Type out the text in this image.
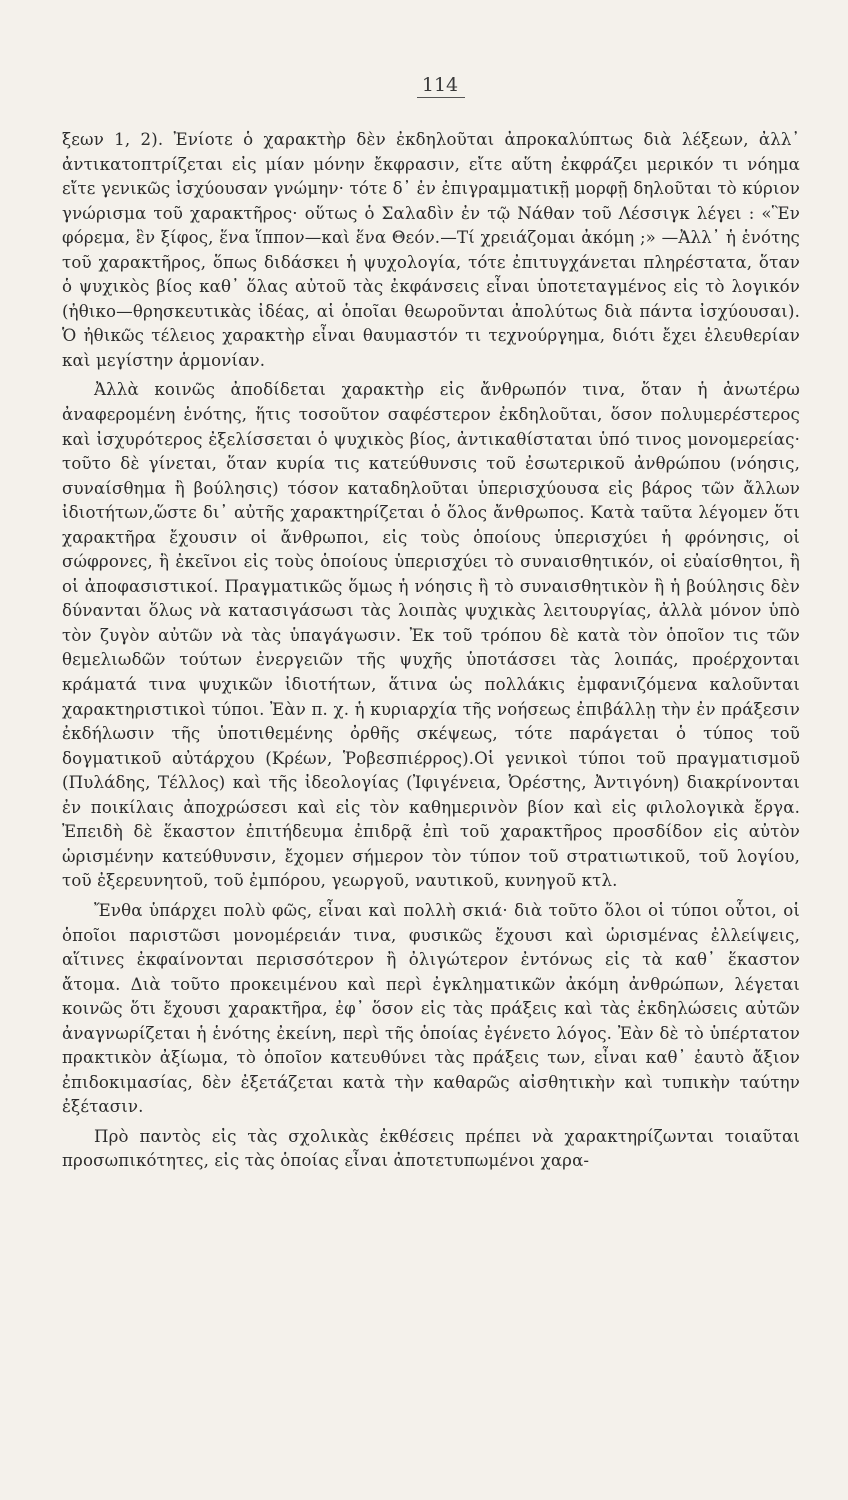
114

ξεων 1, 2). Ἐνίοτε ὁ χαρακτὴρ δὲν ἐκδηλοῦται ἀπροκαλύπτως διὰ λέξεων, ἀλλ᾿ ἀντικατοπτρίζεται εἰς μίαν μόνην ἔκφρασιν, εἴτε αὕτη ἐκφράζει μερικόν τι νόημα εἴτε γενικῶς ἰσχύουσαν γνώμην· τότε δ᾿ ἐν ἐπιγραμματικῇ μορφῇ δηλοῦται τὸ κύριον γνώρισμα τοῦ χαρακτῆρος· οὕτως ὁ Σαλαδὶν ἐν τῷ Νάθαν τοῦ Λέσσιγκ λέγει : «Ἓν φόρεμα, ἓν ξίφος, ἕνα ἵππον—καὶ ἕνα Θεόν.—Τί χρειάζομαι ἀκόμη ;» —Ἀλλ᾿ ἡ ἑνότης τοῦ χαρακτῆρος, ὅπως διδάσκει ἡ ψυχολογία, τότε ἐπιτυγχάνεται πληρέστατα, ὅταν ὁ ψυχικὸς βίος καθ᾿ ὅλας αὐτοῦ τὰς ἐκφάνσεις εἶναι ὑποτεταγμένος εἰς τὸ λογικόν (ἠθικο—θρησκευτικὰς ἰδέας, αἱ ὁποῖαι θεωροῦνται ἀπολύτως διὰ πάντα ἰσχύουσαι). Ὁ ἠθικῶς τέλειος χαρακτὴρ εἶναι θαυμαστόν τι τεχνούργημα, διότι ἔχει ἐλευθερίαν καὶ μεγίστην ἁρμονίαν.

Ἀλλὰ κοινῶς ἀποδίδεται χαρακτὴρ εἰς ἄνθρωπόν τινα, ὅταν ἡ ἀνωτέρω ἀναφερομένη ἑνότης, ἥτις τοσοῦτον σαφέστερον ἐκδηλοῦται, ὅσον πολυμερέστερος καὶ ἰσχυρότερος ἐξελίσσεται ὁ ψυχικὸς βίος, ἀντικαθίσταται ὑπό τινος μονομερείας· τοῦτο δὲ γίνεται, ὅταν κυρία τις κατεύθυνσις τοῦ ἐσωτερικοῦ ἀνθρώπου (νόησις, συναίσθημα ἢ βούλησις) τόσον καταδηλοῦται ὑπερισχύουσα εἰς βάρος τῶν ἄλλων ἰδιοτήτων,ὥστε δι᾿ αὐτῆς χαρακτηρίζεται ὁ ὅλος ἄνθρωπος. Κατὰ ταῦτα λέγομεν ὅτι χαρακτῆρα ἔχουσιν οἱ ἄνθρωποι, εἰς τοὺς ὁποίους ὑπερισχύει ἡ φρόνησις, οἱ σώφρονες, ἢ ἐκεῖνοι εἰς τοὺς ὁποίους ὑπερισχύει τὸ συναισθητικόν, οἱ εὐαίσθητοι, ἢ οἱ ἀποφασιστικοί. Πραγματικῶς ὅμως ἡ νόησις ἢ τὸ συναισθητικὸν ἢ ἡ βούλησις δὲν δύνανται ὅλως νὰ κατασιγάσωσι τὰς λοιπὰς ψυχικὰς λειτουργίας, ἀλλὰ μόνον ὑπὸ τὸν ζυγὸν αὐτῶν νὰ τὰς ὑπαγάγωσιν. Ἐκ τοῦ τρόπου δὲ κατὰ τὸν ὁποῖον τις τῶν θεμελιωδῶν τούτων ἐνεργειῶν τῆς ψυχῆς ὑποτάσσει τὰς λοιπάς, προέρχονται κράματά τινα ψυχικῶν ἰδιοτήτων, ἅτινα ὡς πολλάκις ἐμφανιζόμενα καλοῦνται χαρακτηριστικοὶ τύποι. Ἐὰν π. χ. ἡ κυριαρχία τῆς νοήσεως ἐπιβάλλῃ τὴν ἐν πράξεσιν ἐκδήλωσιν τῆς ὑποτιθεμένης ὀρθῆς σκέψεως, τότε παράγεται ὁ τύπος τοῦ δογματικοῦ αὐτάρχου (Κρέων, Ῥοβεσπιέρρος).Οἱ γενικοὶ τύποι τοῦ πραγματισμοῦ (Πυλάδης, Τέλλος) καὶ τῆς ἰδεολογίας (Ἰφιγένεια, Ὀρέστης, Ἀντιγόνη) διακρίνονται ἐν ποικίλαις ἀποχρώσεσι καὶ εἰς τὸν καθημερινὸν βίον καὶ εἰς φιλολογικὰ ἔργα. Ἐπειδὴ δὲ ἕκαστον ἐπιτήδευμα ἐπιδρᾷ ἐπὶ τοῦ χαρακτῆρος προσδίδον εἰς αὐτὸν ὡρισμένην κατεύθυνσιν, ἔχομεν σήμερον τὸν τύπον τοῦ στρατιωτικοῦ, τοῦ λογίου, τοῦ ἐξερευνητοῦ, τοῦ ἐμπόρου, γεωργοῦ, ναυτικοῦ, κυνηγοῦ κτλ.

Ἔνθα ὑπάρχει πολὺ φῶς, εἶναι καὶ πολλὴ σκιά· διὰ τοῦτο ὅλοι οἱ τύποι οὗτοι, οἱ ὁποῖοι παριστῶσι μονομέρειάν τινα, φυσικῶς ἔχουσι καὶ ὡρισμένας ἐλλείψεις, αἵτινες ἐκφαίνονται περισσότερον ἢ ὀλιγώτερον ἐντόνως εἰς τὰ καθ᾿ ἕκαστον ἄτομα. Διὰ τοῦτο προκειμένου καὶ περὶ ἐγκληματικῶν ἀκόμη ἀνθρώπων, λέγεται κοινῶς ὅτι ἔχουσι χαρακτῆρα, ἐφ᾿ ὅσον εἰς τὰς πράξεις καὶ τὰς ἐκδηλώσεις αὐτῶν ἀναγνωρίζεται ἡ ἑνότης ἐκείνη, περὶ τῆς ὁποίας ἐγένετο λόγος. Ἐὰν δὲ τὸ ὑπέρτατον πρακτικὸν ἀξίωμα, τὸ ὁποῖον κατευθύνει τὰς πράξεις των, εἶναι καθ᾿ ἑαυτὸ ἄξιον ἐπιδοκιμασίας, δὲν ἐξετάζεται κατὰ τὴν καθαρῶς αἰσθητικὴν καὶ τυπικὴν ταύτην ἐξέτασιν.

Πρὸ παντὸς εἰς τὰς σχολικὰς ἐκθέσεις πρέπει νὰ χαρακτηρίζωνται τοιαῦται προσωπικότητες, εἰς τὰς ὁποίας εἶναι ἀποτετυπωμένοι χαρα-
